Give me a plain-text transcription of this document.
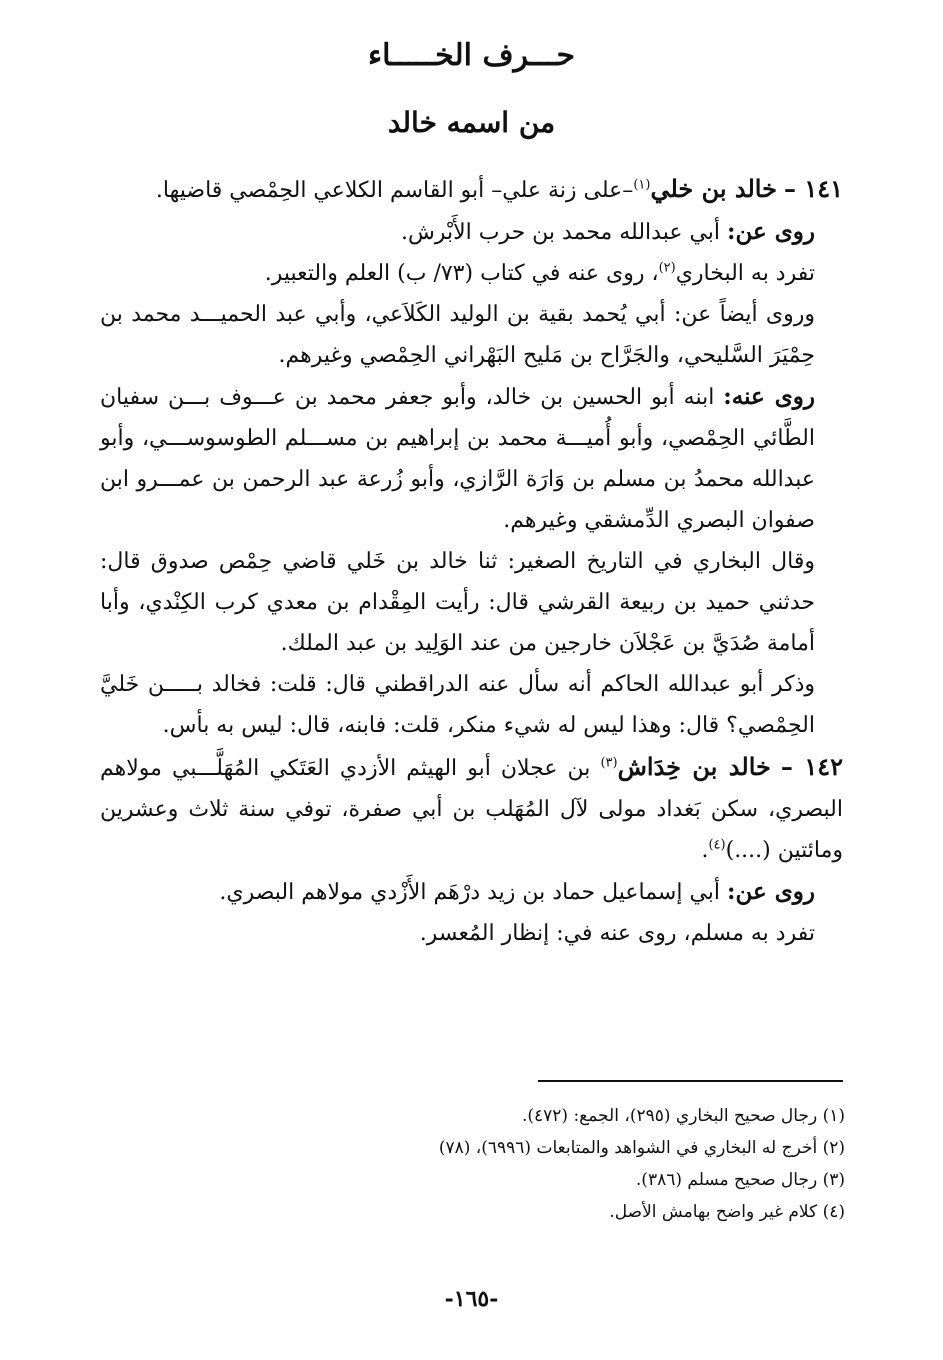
حـــرف الخـــــاء
من اسمه خالد

١٤١ – خالد بن خلي$^{(١)}$–على زنة علي– أبو القاسم الكلاعي الحِمْصي قاضيها.

روى عن: أبي عبدالله محمد بن حرب الأَبْرش.

تفرد به البخاري$^{(٢)}$، روى عنه في كتاب (٧٣/ ب) العلم والتعبير.

وروى أيضاً عن: أبي يُحمد بقية بن الوليد الكَلاَعي، وأبي عبد الحميـــد محمد بن حِمْيَرَ السَّليحي، والجَرَّاح بن مَليح البَهْراني الحِمْصي وغيرهم.

روى عنه: ابنه أبو الحسين بن خالد، وأبو جعفر محمد بن عـــوف بـــن سفيان الطَّائي الحِمْصي، وأبو أُميـــة محمد بن إبراهيم بن مســـلم الطوسوســـي، وأبو عبدالله محمدُ بن مسلم بن وَارَة الرَّازي، وأبو زُرعة عبد الرحمن بن عمـــرو ابن صفوان البصري الدِّمشقي وغيرهم.

وقال البخاري في التاريخ الصغير: ثنا خالد بن خَلي قاضي حِمْص صدوق قال: حدثني حميد بن ربيعة القرشي قال: رأيت المِقْدام بن معدي كرب الكِنْدي، وأبا أمامة صُدَيَّ بن عَجْلاَن خارجين من عند الوَلِيد بن عبد الملك.

وذكر أبو عبدالله الحاكم أنه سأل عنه الدراقطني قال: قلت: فخالد بـــــن خَليَّ الحِمْصي؟ قال: وهذا ليس له شيء منكر، قلت: فابنه، قال: ليس به بأس.

١٤٢ – خالد بن خِدَاش$^{(٣)}$ بن عجلان أبو الهيثم الأزدي العَتَكي المُهَلَّـــبي مولاهم البصري، سكن بَغداد مولى لآل المُهَلب بن أبي صفرة، توفي سنة ثلاث وعشرين ومائتين (....)$^{(٤)}$.

روى عن: أبي إسماعيل حماد بن زيد درْهَم الأَزْدي مولاهم البصري.

تفرد به مسلم، روى عنه في: إنظار المُعسر.

(١) رجال صحيح البخاري (٢٩٥)، الجمع: (٤٧٢).
(٢) أخرج له البخاري في الشواهد والمتابعات (٦٩٩٦)، (٧٨)
(٣) رجال صحيح مسلم (٣٨٦).
(٤) كلام غير واضح بهامش الأصل.
-١٦٥-
